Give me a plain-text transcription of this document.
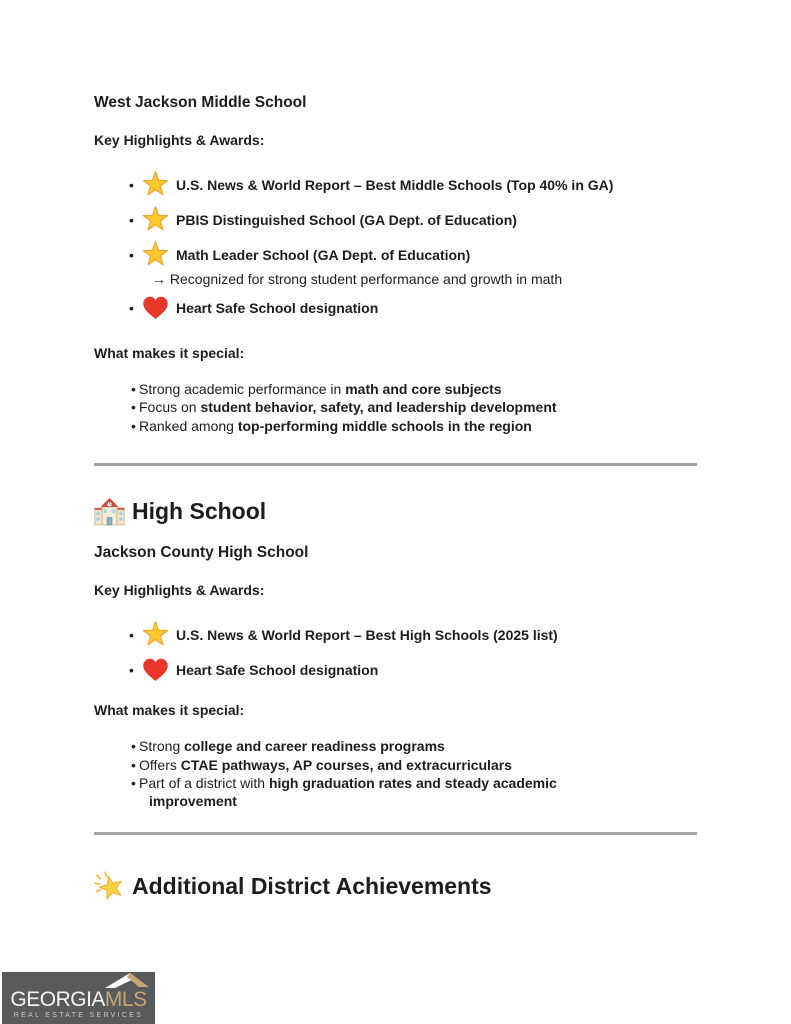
West Jackson Middle School
Key Highlights & Awards:
•
U.S. News & World Report – Best Middle Schools (Top 40% in GA)
•
PBIS Distinguished School (GA Dept. of Education)
•
Math Leader School (GA Dept. of Education)
→ Recognized for strong student performance and growth in math
•
Heart Safe School designation
What makes it special:
•
Strong academic performance in math and core subjects
•
Focus on student behavior, safety, and leadership development
•
Ranked among top-performing middle schools in the region
High School
Jackson County High School
Key Highlights & Awards:
•
U.S. News & World Report – Best High Schools (2025 list)
•
Heart Safe School designation
What makes it special:
•
Strong college and career readiness programs
•
Offers CTAE pathways, AP courses, and extracurriculars
•
Part of a district with high graduation rates and steady academic improvement
Additional District Achievements
GEORGIAMLS
REAL ESTATE SERVICES
